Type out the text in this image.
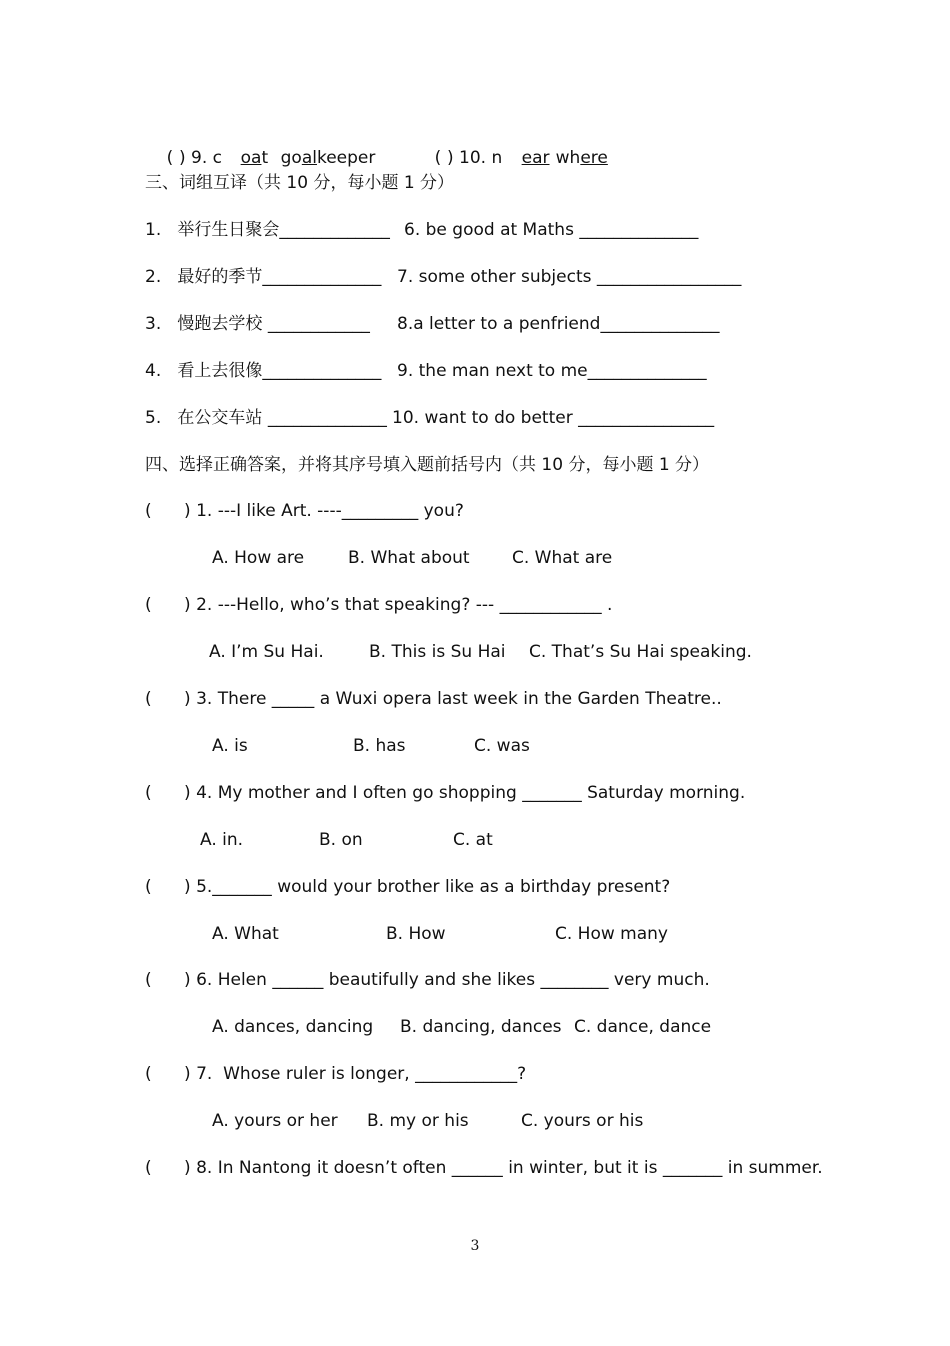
( ) 9. c

	oat
goalkeeper
	( ) 10. n

	ear
where

三、词组互译（共 10 分，每小题 1 分）
1.   举行生日聚会_____________ 6. be good at Maths ______________
2.   最好的季节______________ 7. some other subjects _________________
3.   慢跑去学校 ____________ 8.a letter to a penfriend______________
4.   看上去很像______________ 9. the man next to me______________
5.   在公交车站 ______________ 10. want to do better ________________
四、选择正确答案，并将其序号填入题前括号内（共 10 分，每小题 1 分）
(      ) 1. ---I like Art. ----_________ you?
A. How are	B. What about C. What are
(      ) 2. ---Hello, who’s that speaking? --- ____________ .
A. I’m Su Hai.	B. This is Su Hai C. That’s Su Hai speaking.
(      ) 3. There _____ a Wuxi opera last week in the Garden Theatre..
A. is	B. has	C. was
(      ) 4. My mother and I often go shopping _______ Saturday morning.
A. in.	B. on	C. at
(      ) 5._______ would your brother like as a birthday present?
A. What	B. How	C. How many
(      ) 6. Helen ______ beautifully and she likes ________ very much.
A. dances, dancing B. dancing, dances C. dance, dance
(      ) 7.  Whose ruler is longer, ____________?
A. yours or her B. my or his	C. yours or his
(      ) 8. In Nantong it doesn’t often ______ in winter, but it is _______ in summer.
3
